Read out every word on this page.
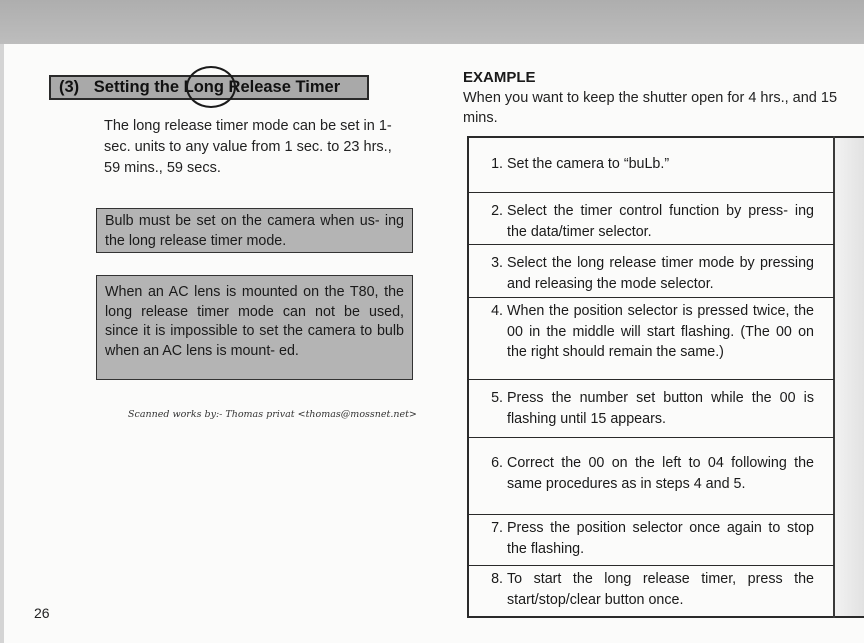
(3) Setting the Long Release Timer
The long release timer mode can be set in 1-sec. units to any value from 1 sec. to 23 hrs., 59 mins., 59 secs.
Bulb must be set on the camera when us- ing the long release timer mode.
When an AC lens is mounted on the T80, the long release timer mode can not be used, since it is impossible to set the camera to bulb when an AC lens is mount- ed.
Scanned works by:- Thomas privat <thomas@mossnet.net>
26
EXAMPLE
When you want to keep the shutter open for 4 hrs., and 15 mins.
1. Set the camera to “buLb.”
2. Select the timer control function by press- ing the data/timer selector.
3. Select the long release timer mode by pressing and releasing the mode selector.
4. When the position selector is pressed twice, the 00 in the middle will start flashing. (The 00 on the right should remain the same.)
5. Press the number set button while the 00 is flashing until 15 appears.
6. Correct the 00 on the left to 04 following the same procedures as in steps 4 and 5.
7. Press the position selector once again to stop the flashing.
8. To start the long release timer, press the start/stop/clear button once.
